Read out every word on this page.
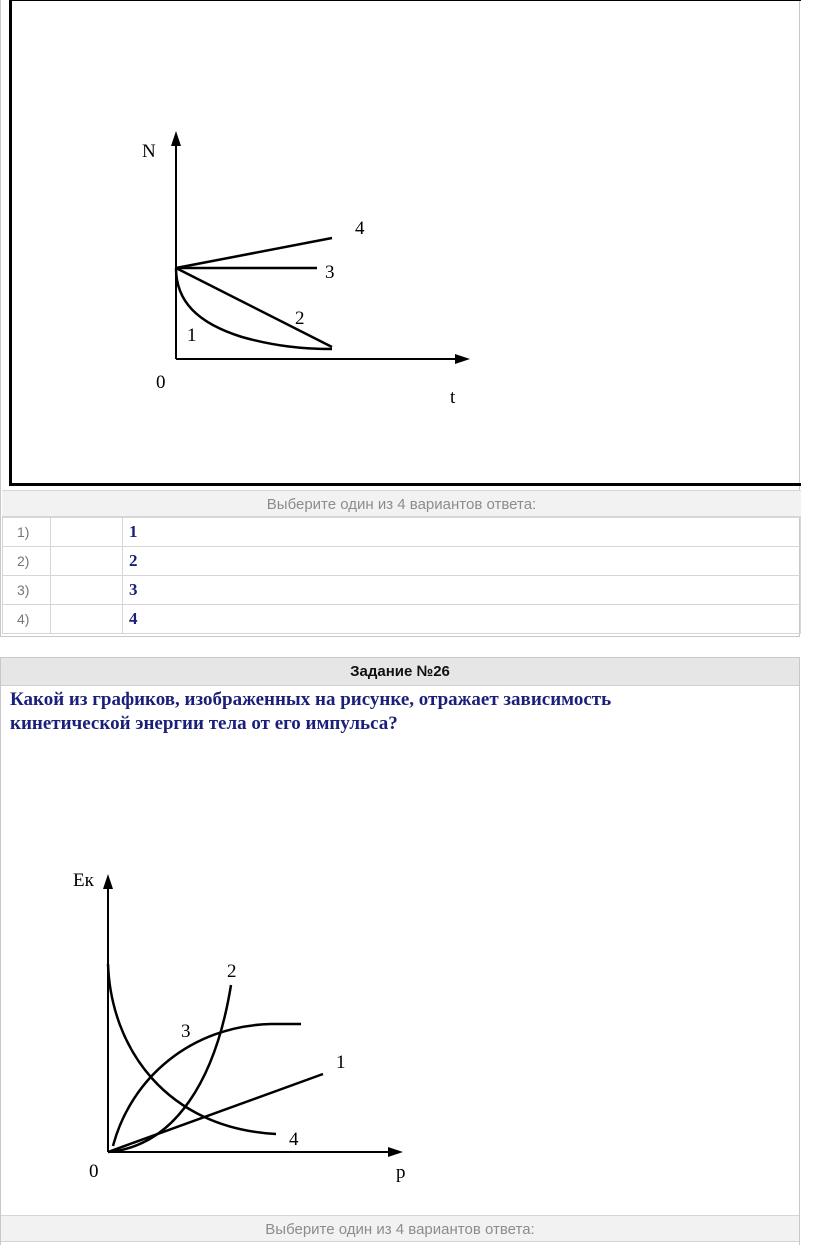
N
t
0
4
3
2
1
Выберите один из 4 вариантов ответа:
1)		1
2)		2
3)		3
4)		4
Задание №26

Какой из графиков, изображенных на рисунке, отражает зависимость кинетической энергии тела от его импульса?

Eк
p
0
2
3
1
4
Выберите один из 4 вариантов ответа:
